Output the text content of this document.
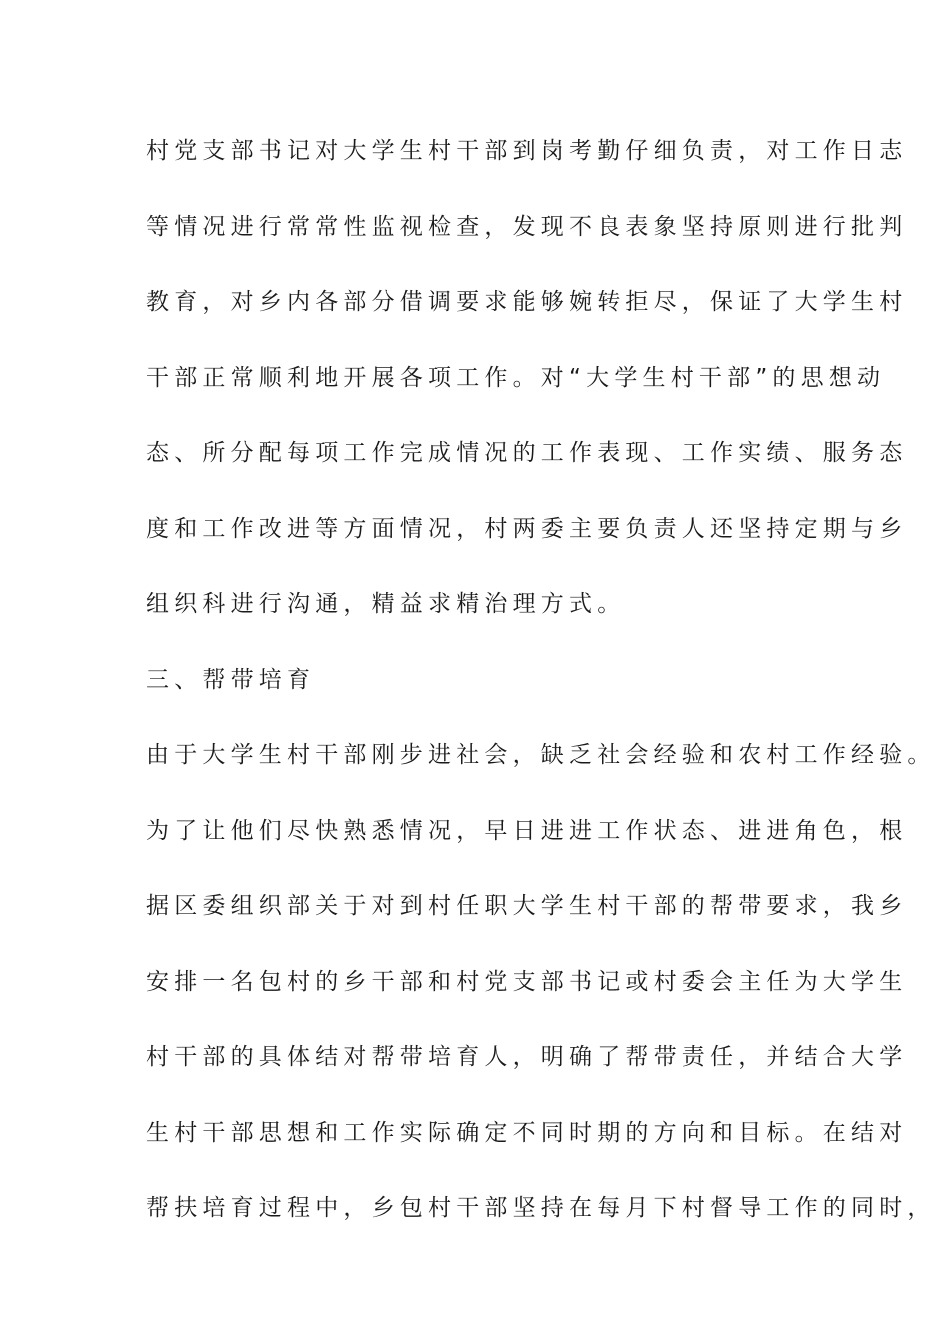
村党支部书记对大学生村干部到岗考勤仔细负责，对工作日志
等情况进行常常性监视检查，发现不良表象坚持原则进行批判
教育，对乡内各部分借调要求能够婉转拒尽，保证了大学生村
干部正常顺利地开展各项工作。对“大学生村干部”的思想动
态、所分配每项工作完成情况的工作表现、工作实绩、服务态
度和工作改进等方面情况，村两委主要负责人还坚持定期与乡
组织科进行沟通，精益求精治理方式。
三、帮带培育
由于大学生村干部刚步进社会，缺乏社会经验和农村工作经验。
为了让他们尽快熟悉情况，早日进进工作状态、进进角色，根
据区委组织部关于对到村任职大学生村干部的帮带要求，我乡
安排一名包村的乡干部和村党支部书记或村委会主任为大学生
村干部的具体结对帮带培育人，明确了帮带责任，并结合大学
生村干部思想和工作实际确定不同时期的方向和目标。在结对
帮扶培育过程中，乡包村干部坚持在每月下村督导工作的同时，
